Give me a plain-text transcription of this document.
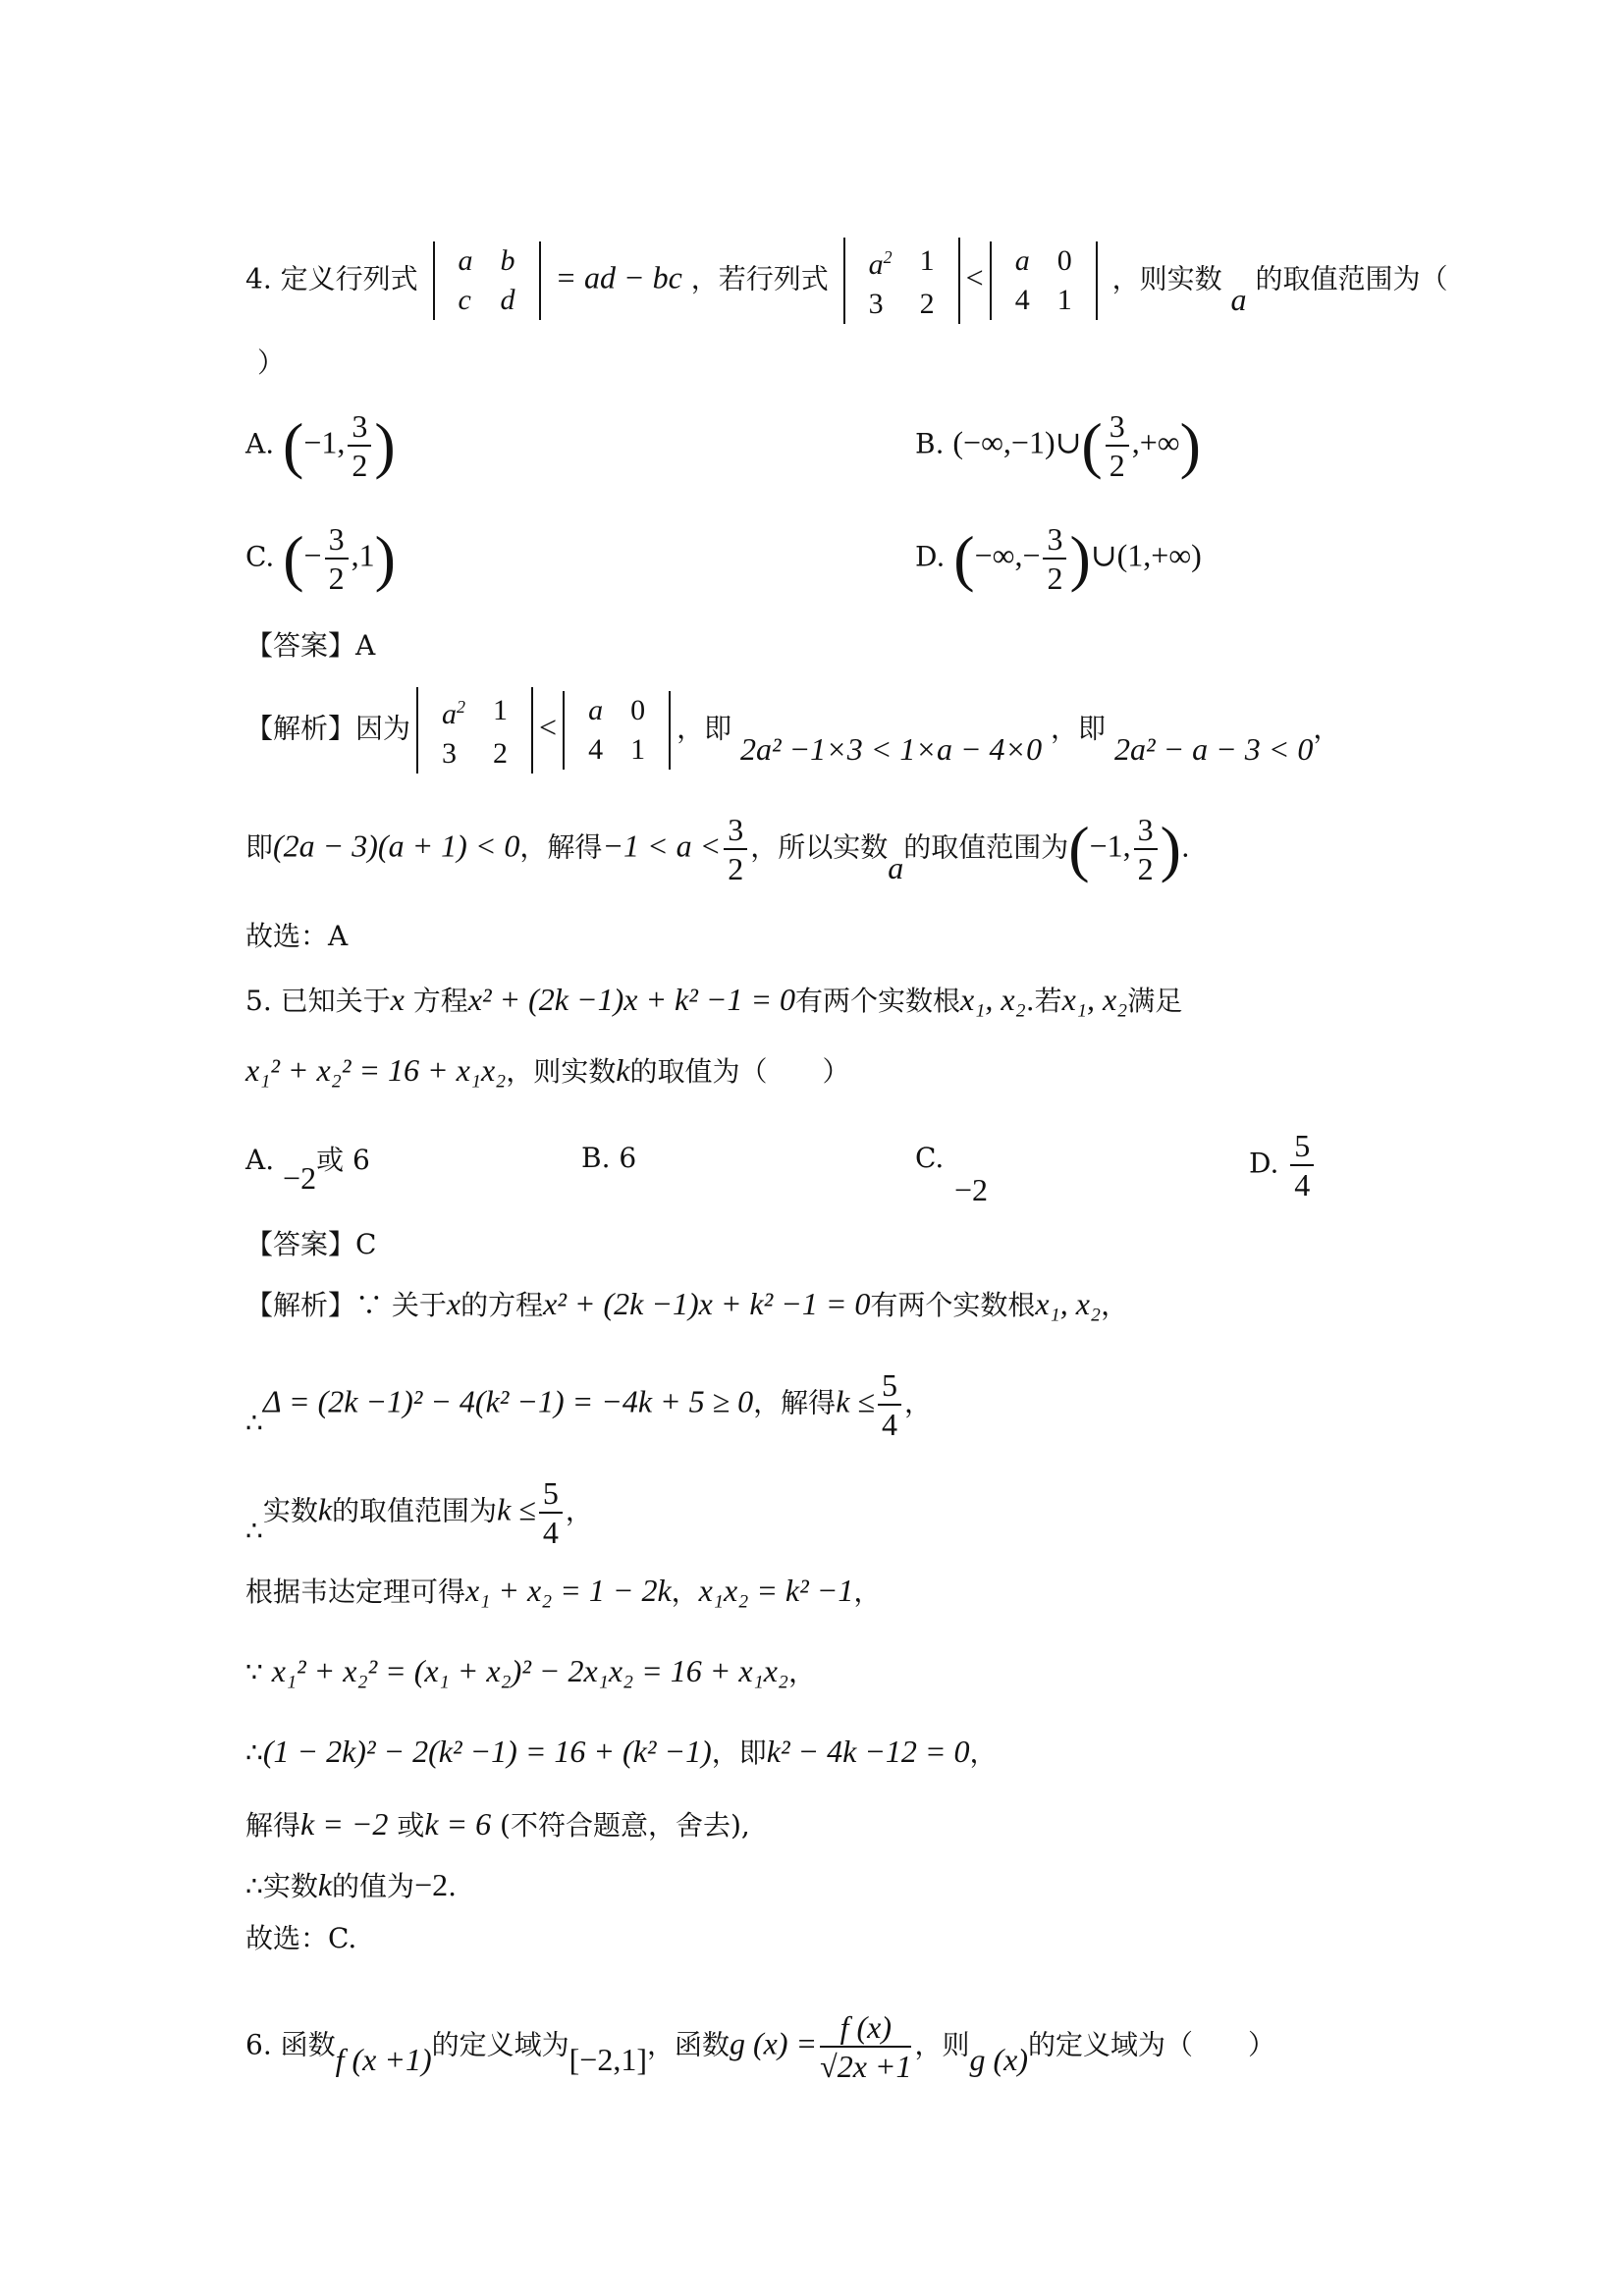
4. 定义行列式
a	b
c	d
= ad − bc ，若行列式 $a^2$	1
3	2
< a	0
4	1
，则实数 a 的取值范围为（
）
A. (−1, $\frac{3}{2}$ )	B. (−∞,−1)∪( $\frac{3}{2}$ ,+∞)
C. (− $\frac{3}{2} ,1$)	D. (−∞,− $\frac{3}{2}$ )∪(1,+∞)
【答案】A
【解析】因为 $a^2$	1
3	2
< a	0
4	1
，即 2a² −1×3 < 1×a − 4×0 ，即 2a² − a − 3 < 0，
即(2a − 3)(a + 1) < 0，解得$-1 < a < \frac{3}{2}$ ，所以实数a的取值范围为(−1, $\frac{3}{2}$ ).
故选：A
5. 已知关于x 方程x² + (2k −1)x + k² −1 = 0有两个实数根x₁, x₂.若x₁, x₂满足
x₁² + x₂² = 16 + x₁x₂，则实数k的取值为（　　）
A. −2或 6	B. 6	C.
−2
D. $\frac{5}{4}$
【答案】C
【解析】∵ 关于x的方程x² + (2k −1)x + k² −1 = 0有两个实数根x₁, x₂，
∴Δ = (2k −1)² − 4(k² −1) = −4k + 5 ≥ 0，解得$k \le \frac{5}{4}$ ，
∴实数k的取值范围为$k \le \frac{5}{4}$ ，
根据韦达定理可得x₁ + x₂ = 1 − 2k，x₁x₂ = k² −1，
∵ x₁² + x₂² = (x₁ + x₂)² − 2x₁x₂ = 16 + x₁x₂，
∴(1 − 2k)² − 2(k² −1) = 16 + (k² −1)，即k² − 4k −12 = 0，
解得k = −2 或k = 6 (不符合题意，舍去),
∴实数k的值为−2.
故选：C.
6. 函数f (x +1)的定义域为[−2,1]，函数g $(x) = \frac{f (x)}{√2x +1}$ ，则g (x)的定义域为（　　）
